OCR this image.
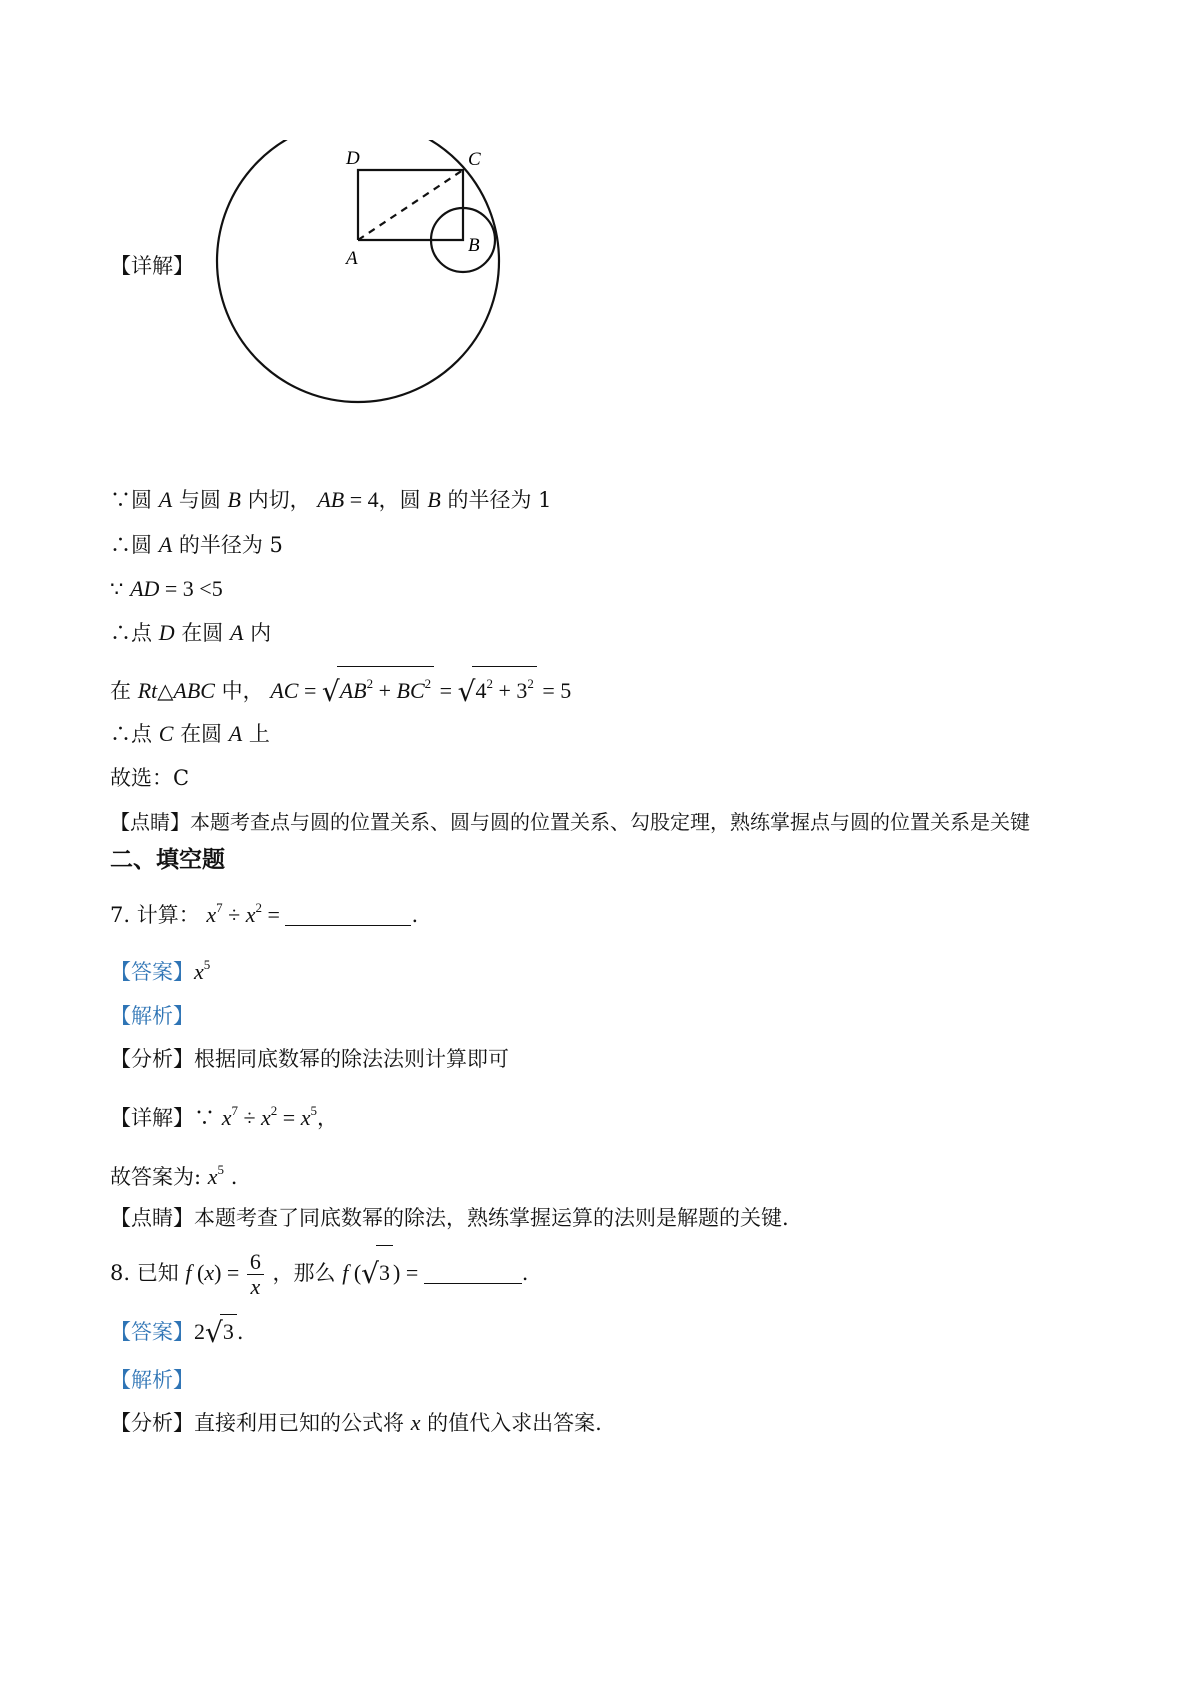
【详解】
D	C
A
B
∵圆 A 与圆 B 内切， AB = 4，圆 B 的半径为 1
∴圆 A 的半径为 5
∵ AD = 3 <5
∴点 D 在圆 A 内
在 Rt△ABC 中， AC = $√AB^2 + BC^2 = √4^2 + 3^2 = 5$
∴点 C 在圆 A 上
故选：C
【点睛】本题考查点与圆的位置关系、圆与圆的位置关系、勾股定理，熟练掌握点与圆的位置关系是关键
二、填空题
7. 计算： $x^7 \div x^2$ =	.
【答案】$x^5$
【解析】
【分析】根据同底数幂的除法法则计算即可
【详解】∵ $x^7 \div x^2 = x^5$，
故答案为: $x^5$ .
【点睛】本题考查了同底数幂的除法，熟练掌握运算的法则是解题的关键.
8. 已知 f $(x) = \frac{6}{x}$ ，那么 f (√3 ) =	.
【答案】2√3 .
【解析】
【分析】直接利用已知的公式将 x 的值代入求出答案.
